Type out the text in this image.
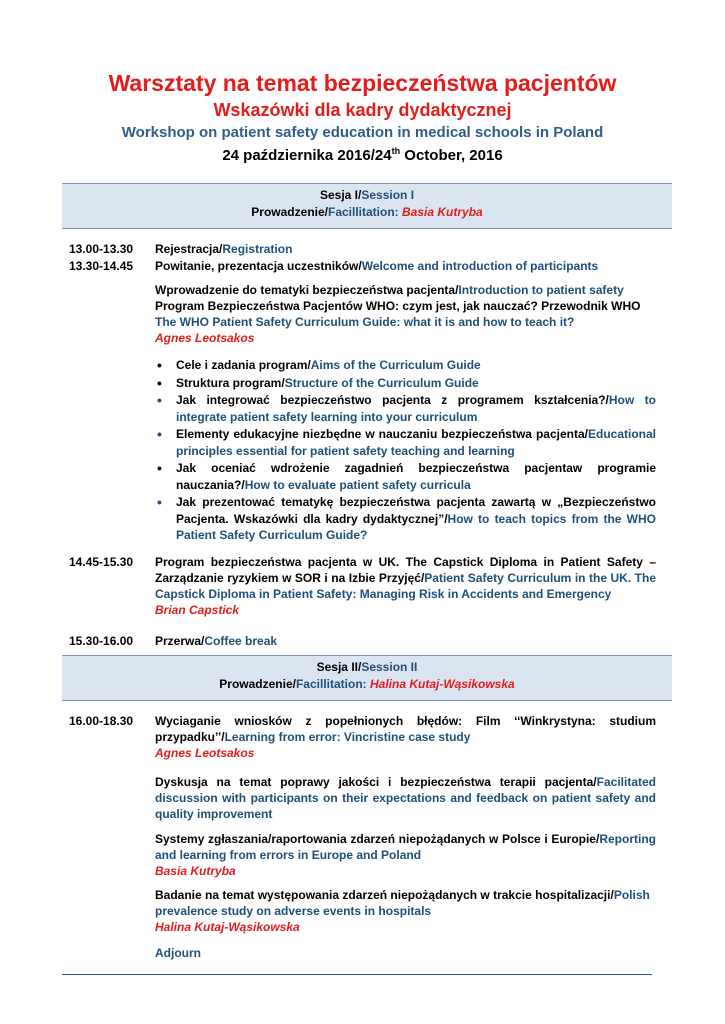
Warsztaty na temat bezpieczeństwa pacjentów
Wskazówki dla kadry dydaktycznej
Workshop on patient safety education in medical schools in Poland
24 października 2016/24th October, 2016
Sesja I/Session I
Prowadzenie/Facillitation: Basia Kutryba
13.00-13.30 Rejestracja/Registration
13.30-14.45 Powitanie, prezentacja uczestników/Welcome and introduction of participants
Wprowadzenie do tematyki bezpieczeństwa pacjenta/Introduction to patient safety
Program Bezpieczeństwa Pacjentów WHO: czym jest, jak nauczać? Przewodnik WHO
The WHO Patient Safety Curriculum Guide: what it is and how to teach it?
Agnes Leotsakos
• Cele i zadania program/Aims of the Curriculum Guide
• Struktura program/Structure of the Curriculum Guide
• Jak integrować bezpieczeństwo pacjenta z programem kształcenia?/How to integrate patient safety learning into your curriculum
• Elementy edukacyjne niezbędne w nauczaniu bezpieczeństwa pacjenta/Educational principles essential for patient safety teaching and learning
• Jak oceniać wdrożenie zagadnień bezpieczeństwa pacjentaw programie nauczania?/How to evaluate patient safety curricula
• Jak prezentować tematykę bezpieczeństwa pacjenta zawartą w „Bezpieczeństwo Pacjenta. Wskazówki dla kadry dydaktycznej”/How to teach topics from the WHO Patient Safety Curriculum Guide?
14.45-15.30 Program bezpieczeństwa pacjenta w UK. The Capstick Diploma in Patient Safety – Zarządzanie ryzykiem w SOR i na Izbie Przyjęć/Patient Safety Curriculum in the UK. The Capstick Diploma in Patient Safety: Managing Risk in Accidents and Emergency
Brian Capstick
15.30-16.00 Przerwa/Coffee break
Sesja II/Session II
Prowadzenie/Facillitation: Halina Kutaj-Wąsikowska
16.00-18.30 Wyciaganie wniosków z popełnionych błędów: Film ‘‘Winkrystyna: studium przypadku’’/Learning from error: Vincristine case study
Agnes Leotsakos
Dyskusja na temat poprawy jakości i bezpieczeństwa terapii pacjenta/Facilitated discussion with participants on their expectations and feedback on patient safety and quality improvement
Systemy zgłaszania/raportowania zdarzeń niepożądanych w Polsce i Europie/Reporting and learning from errors in Europe and Poland
Basia Kutryba
Badanie na temat występowania zdarzeń niepożądanych w trakcie hospitalizacji/Polish prevalence study on adverse events in hospitals
Halina Kutaj-Wąsikowska
Adjourn
